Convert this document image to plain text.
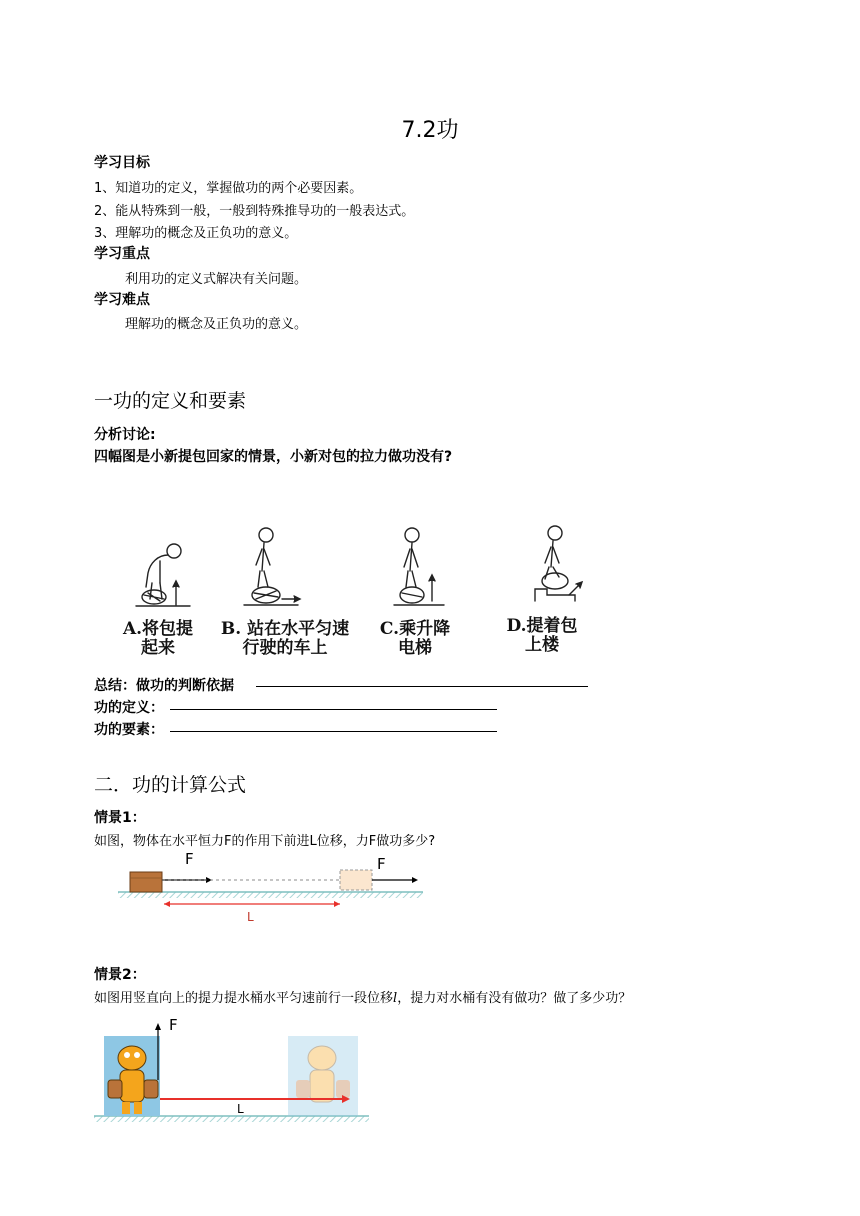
7.2功
学习目标
1、知道功的定义，掌握做功的两个必要因素。
2、能从特殊到一般，一般到特殊推导功的一般表达式。
3、理解功的概念及正负功的意义。
学习重点
利用功的定义式解决有关问题。
学习难点
理解功的概念及正负功的意义。
一功的定义和要素
分析讨论:
四幅图是小新提包回家的情景，小新对包的拉力做功没有?
A.将包提
起来
B. 站在水平匀速
行驶的车上
C.乘升降
电梯
D.提着包
上楼
总结：做功的判断依据
功的定义：
功的要素：
二．功的计算公式
情景1：
如图，物体在水平恒力F的作用下前进L位移，力F做功多少?
F	F
L
情景2：
如图用竖直向上的提力提水桶水平匀速前行一段位移l，提力对水桶有没有做功？做了多少功？
F
L
